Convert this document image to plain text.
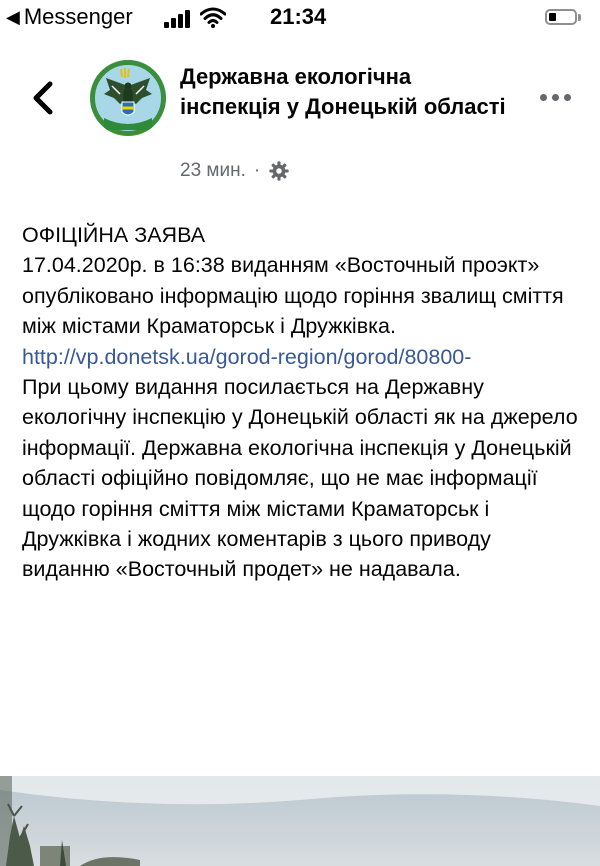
◀ Messenger	21:34
Державна екологічна інспекція у Донецькій області
23 мин. ·

ОФІЦІЙНА ЗАЯВА

17.04.2020р. в 16:38 виданням «Восточный проэкт» опубліковано інформацію щодо горіння звалищ сміття між містами Краматорськ і Дружківка. http://vp.donetsk.ua/gorod-region/gorod/80800-
При цьому видання посилається на Державну екологічну інспекцію у Донецькій області як на джерело інформації. Державна екологічна інспекція у Донецькій області офіційно повідомляє, що не має інформації щодо горіння сміття між містами Краматорськ і Дружківка і жодних коментарів з цього приводу виданню «Восточный продет» не надавала.
